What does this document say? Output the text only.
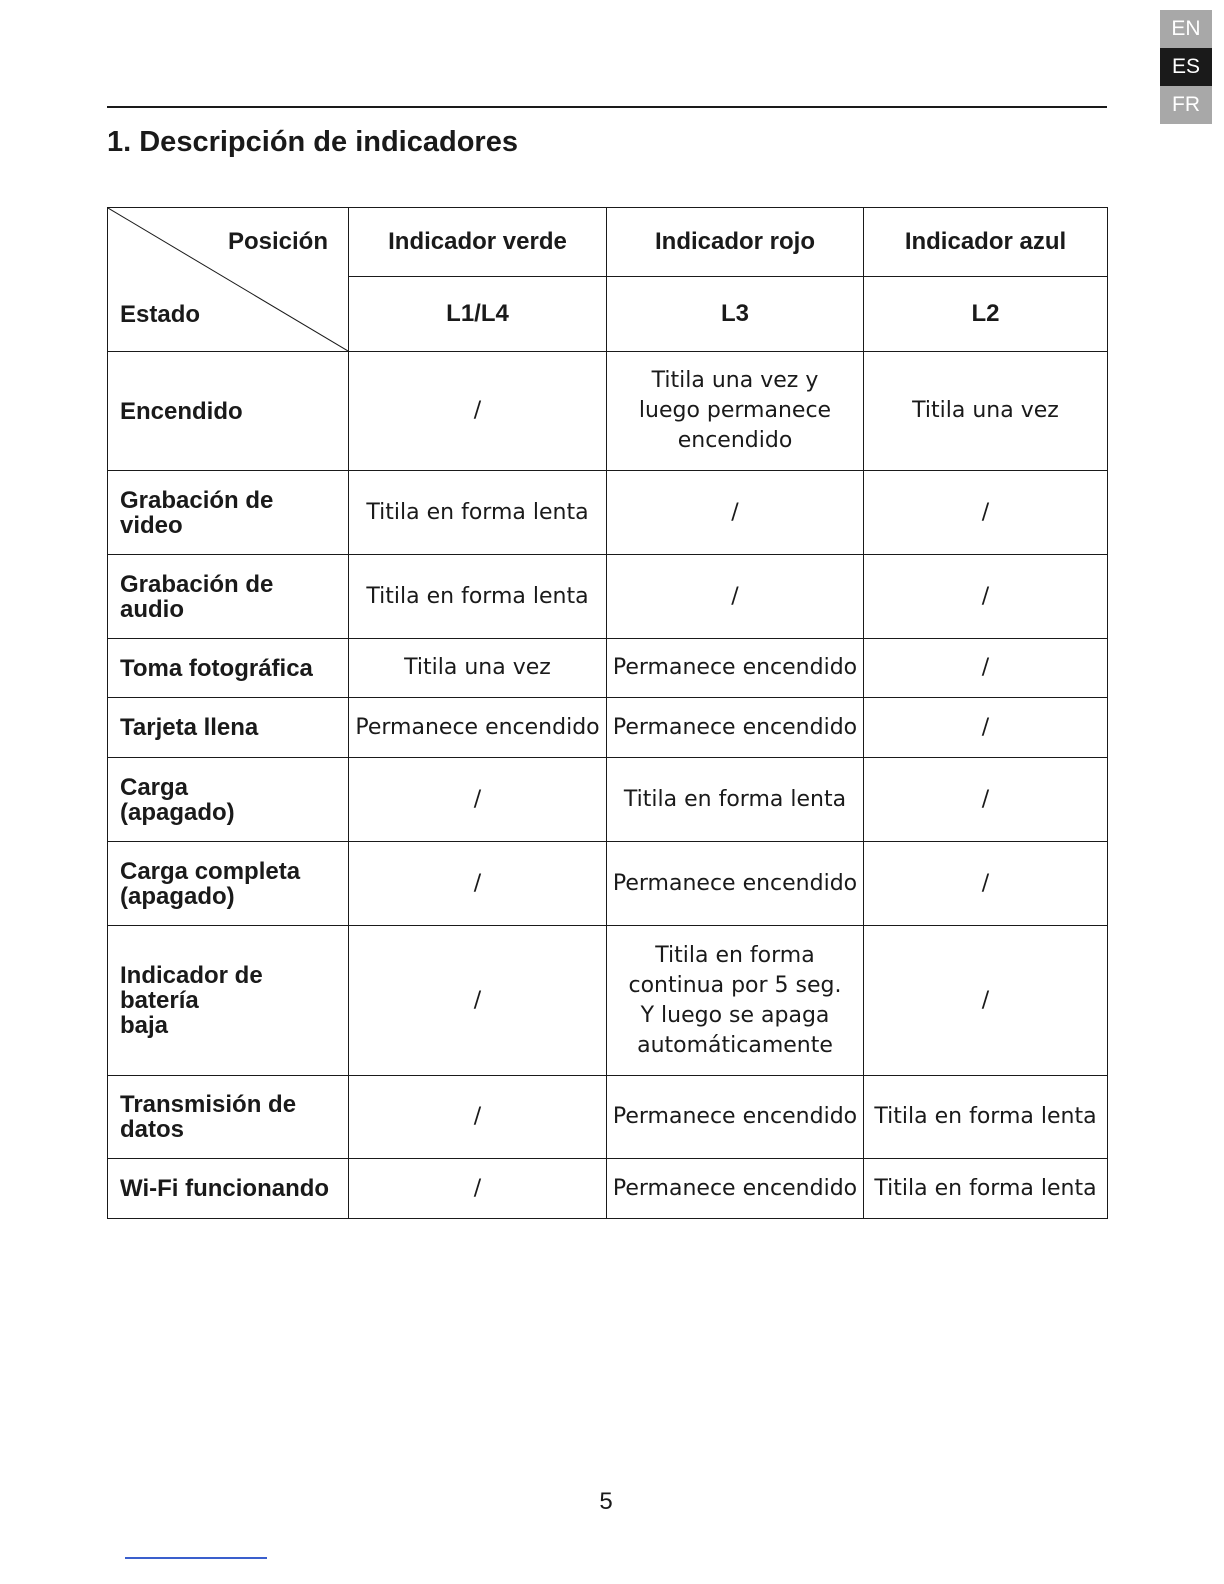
EN
ES
FR
1. Descripción de indicadores
Posición
Estado	Indicador verde	Indicador rojo	Indicador azul
	L1/L4	L3	L2
Encendido	/	Titila una vez y
luego permanece
encendido	Titila una vez
Grabación de
video	Titila en forma lenta	/	/
Grabación de
audio	Titila en forma lenta	/	/
Toma fotográfica	Titila una vez	Permanece encendido	/
Tarjeta llena	Permanece encendido	Permanece encendido	/
Carga
(apagado)	/	Titila en forma lenta	/
Carga completa
(apagado)	/	Permanece encendido	/
Indicador de
batería
baja	/	Titila en forma
continua por 5 seg.
Y luego se apaga
automáticamente	/
Transmisión de
datos	/	Permanece encendido	Titila en forma lenta
Wi-Fi funcionando	/	Permanece encendido	Titila en forma lenta
5
